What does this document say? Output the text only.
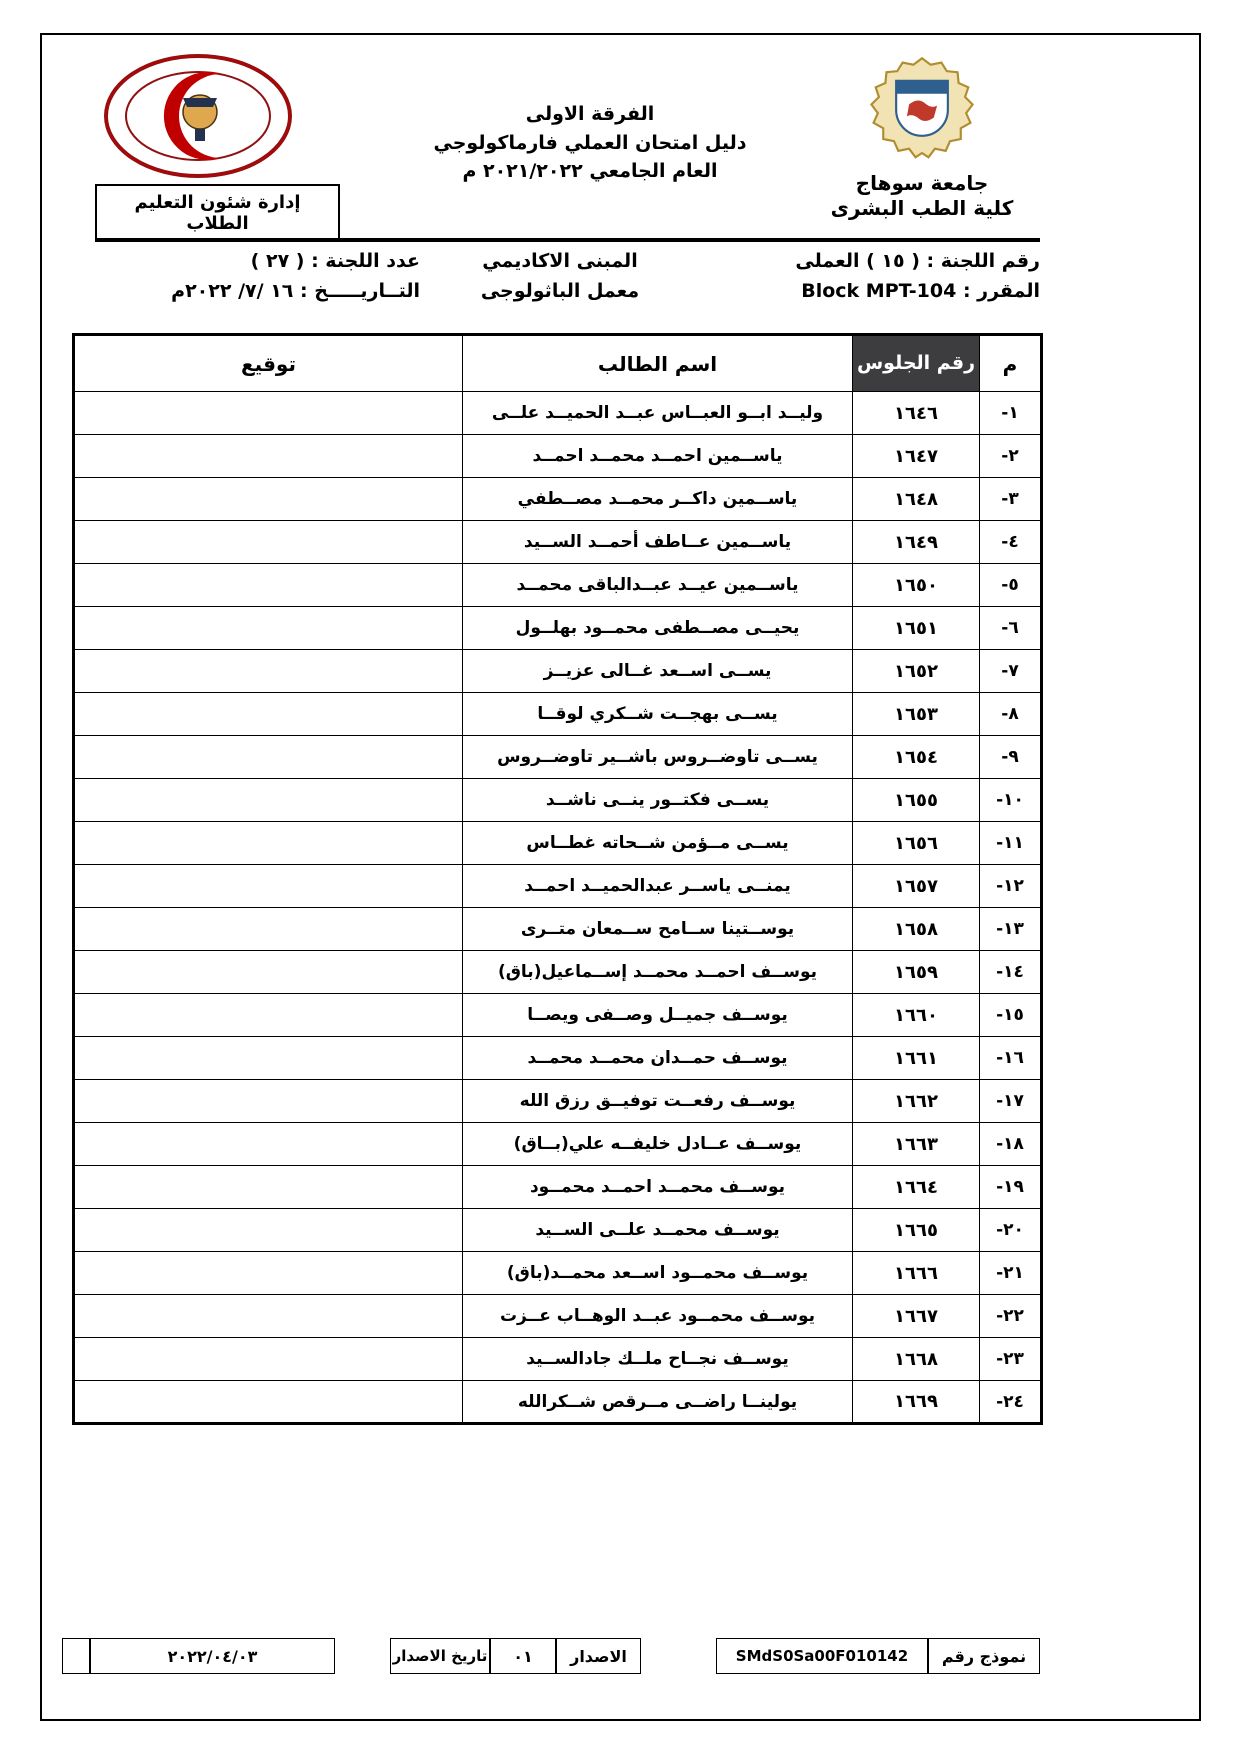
جامعة سوهاج
كلية الطب البشرى
الفرقة الاولى
دليل امتحان العملي فارماكولوجي
العام الجامعي ٢٠٢١/٢٠٢٢ م
إدارة شئون التعليم الطلاب
رقم اللجنة : ( ١٥ ) العملى
المبنى الاكاديمي
عدد اللجنة : ( ٢٧ )
المقرر : Block MPT-104
معمل الباثولوجى
التــاريـــــخ : ١٦ /٧/ ٢٠٢٢م
م	رقم الجلوس	اسم الطالب	توقيع
١-	١٦٤٦	وليــد ابــو العبــاس عبــد الحميــد علــى	
٢-	١٦٤٧	ياســمين احمــد محمــد احمــد	
٣-	١٦٤٨	ياســمين داكــر محمــد مصــطفي	
٤-	١٦٤٩	ياســمين عــاطف أحمــد الســيد	
٥-	١٦٥٠	ياســمين عيــد عبــدالباقى محمــد	
٦-	١٦٥١	يحيــى مصــطفى محمــود بهلــول	
٧-	١٦٥٢	يســى اســعد غــالى عزيــز	
٨-	١٦٥٣	يســى بهجــت شــكري لوقــا	
٩-	١٦٥٤	يســى تاوضــروس باشــير تاوضــروس	
١٠-	١٦٥٥	يســى فكتــور ينــى ناشــد	
١١-	١٦٥٦	يســى مــؤمن شــحاته غطــاس	
١٢-	١٦٥٧	يمنــى ياســر عبدالحميــد احمــد	
١٣-	١٦٥٨	يوســتينا ســامح ســمعان متــرى	
١٤-	١٦٥٩	يوســف احمــد محمــد إســماعيل(باق)	
١٥-	١٦٦٠	يوســف جميــل وصــفى ويصــا	
١٦-	١٦٦١	يوســف حمــدان محمــد محمــد	
١٧-	١٦٦٢	يوســف رفعــت توفيــق رزق الله	
١٨-	١٦٦٣	يوســف عــادل خليفــه علي(بــاق)	
١٩-	١٦٦٤	يوســف محمــد احمــد محمــود	
٢٠-	١٦٦٥	يوســف محمــد علــى الســيد	
٢١-	١٦٦٦	يوســف محمــود اســعد محمــد(باق)	
٢٢-	١٦٦٧	يوســف محمــود عبــد الوهــاب عــزت	
٢٣-	١٦٦٨	يوســف نجــاح ملــك جادالســيد	
٢٤-	١٦٦٩	يولينــا راضــى مــرقص شــكرالله	
نموذج رقم
SMdS0Sa00F010142
الاصدار
٠١
تاريخ الاصدار
٢٠٢٢/٠٤/٠٣
